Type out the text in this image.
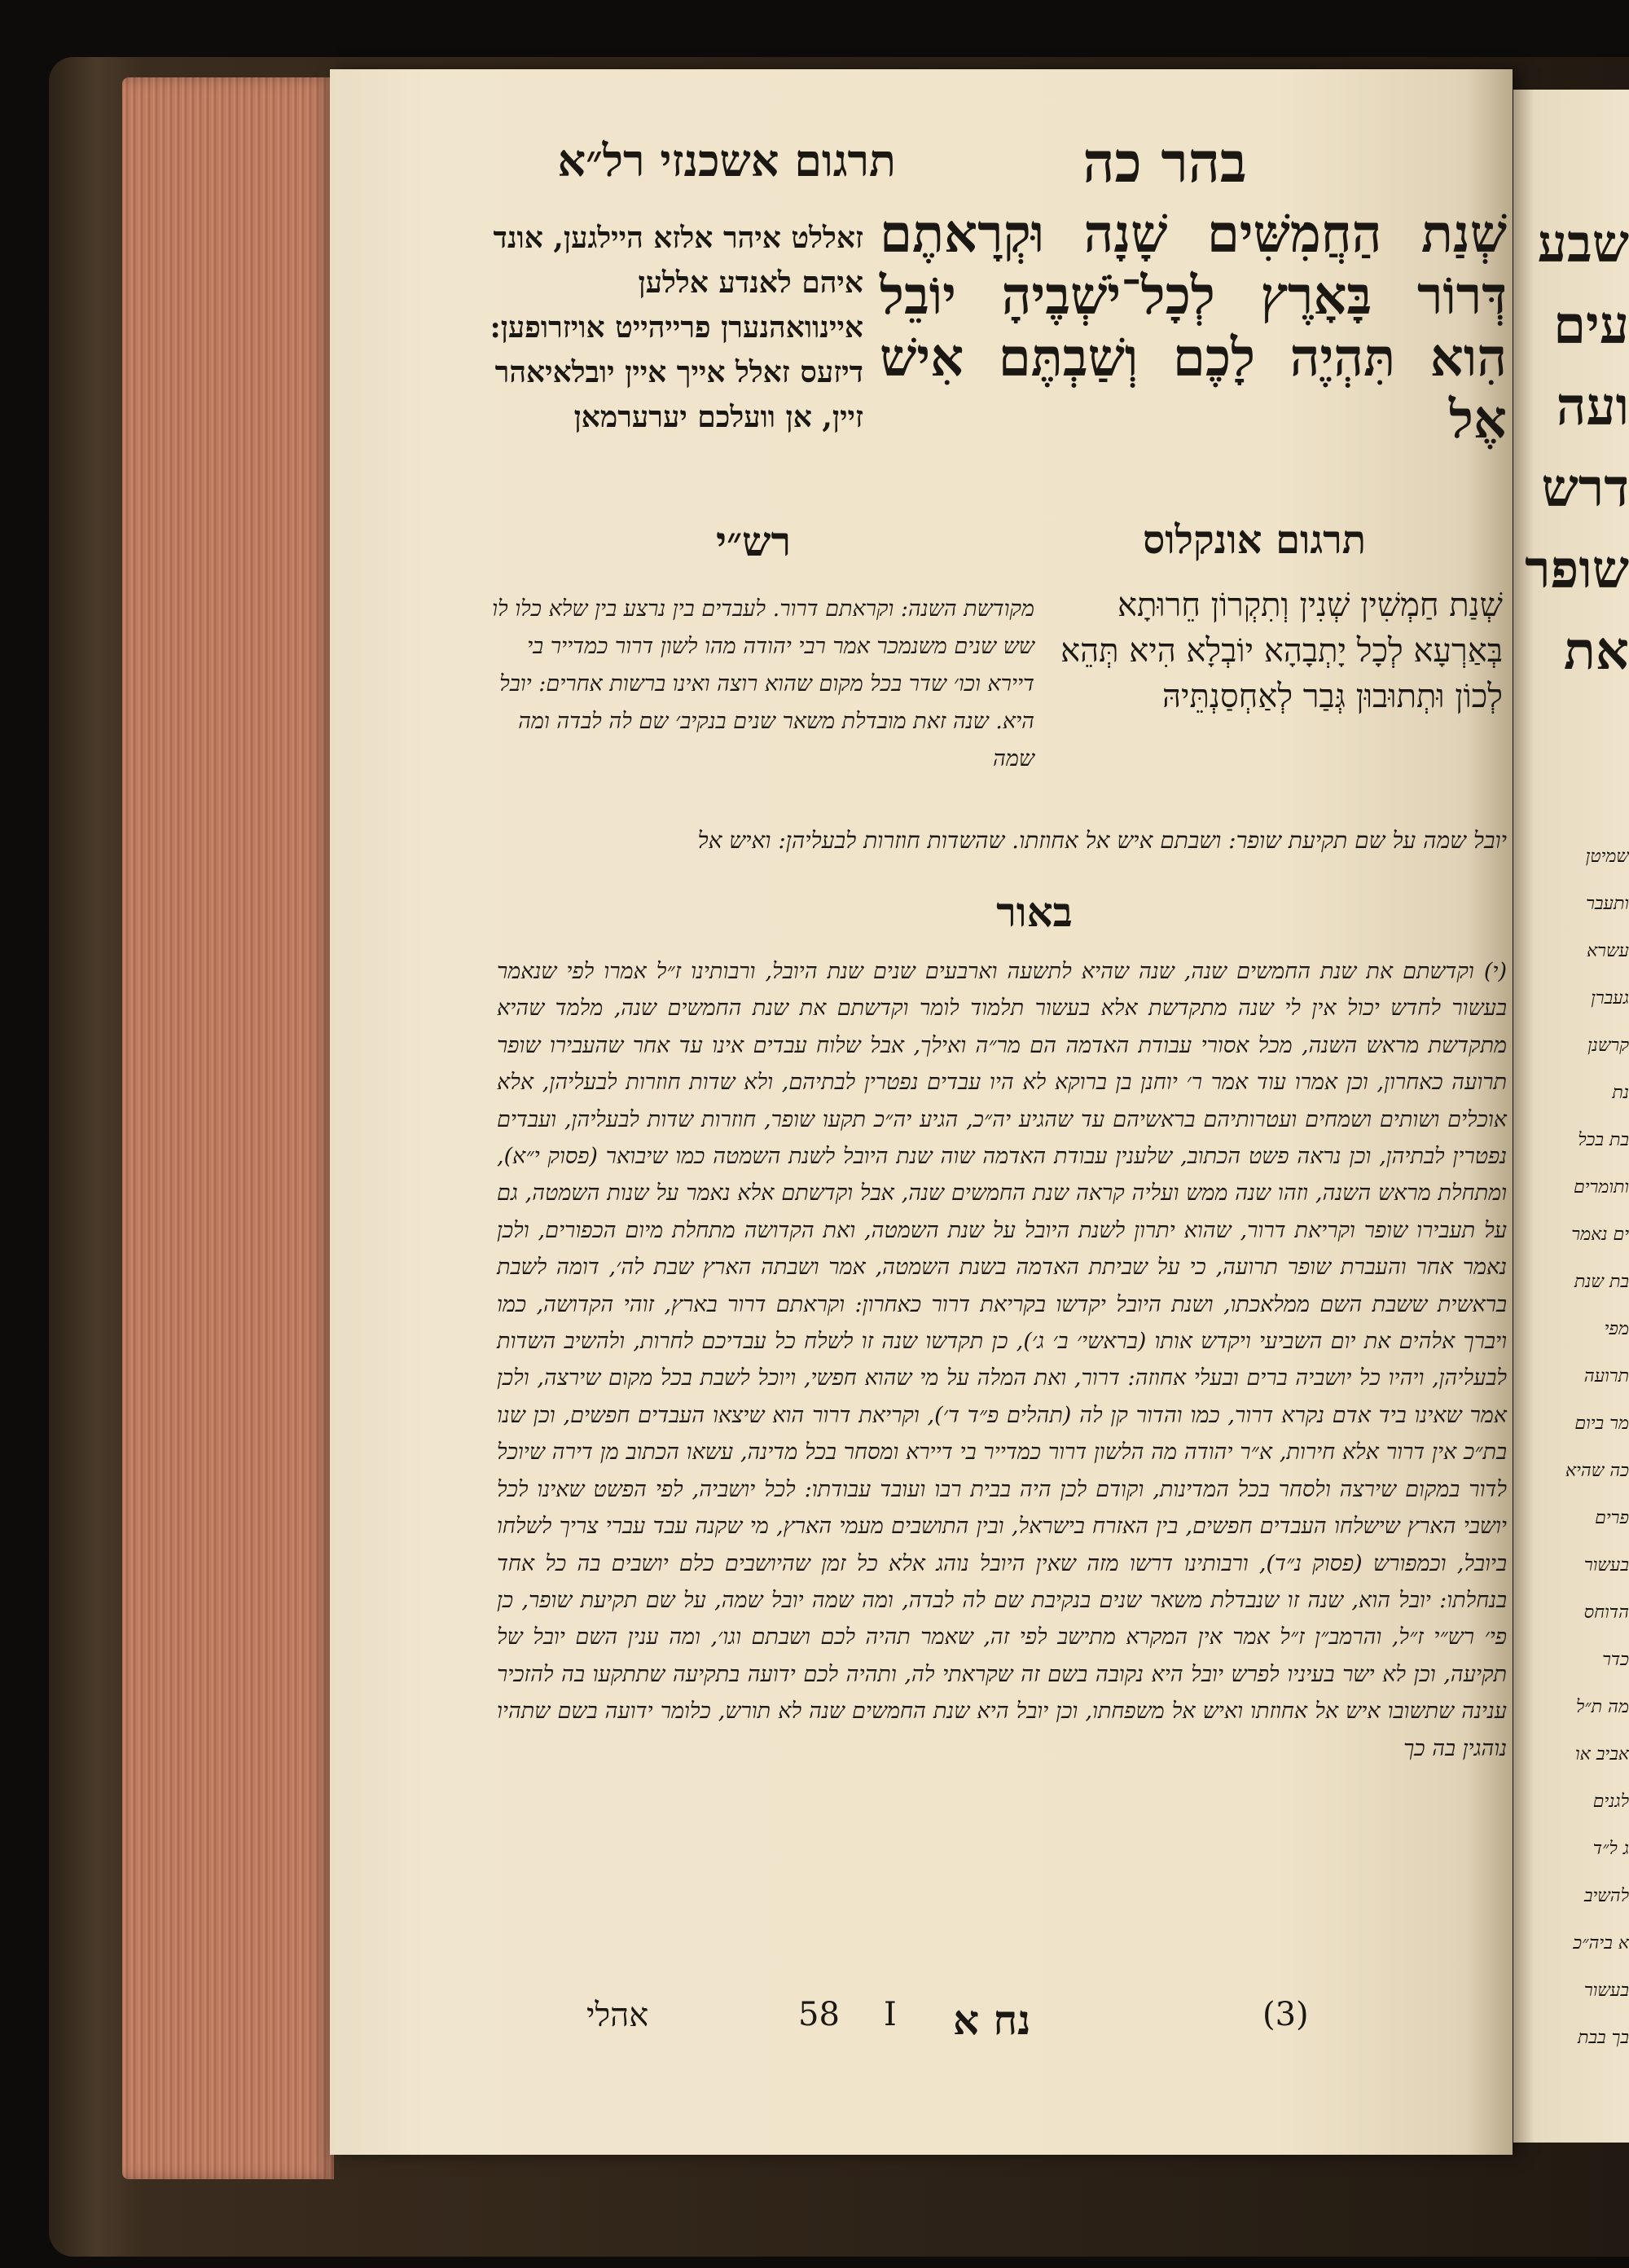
תרגום אשכנזי רל״א	בהר כה
שְׁנַת הַחֲמִשִּׁים שָׁנָה וּקְרָאתֶם דְּרוֹר בָּאָרֶץ לְכָל־יֹשְׁבֶיהָ יוֹבֵל הִוא תִּהְיֶה לָכֶם וְשַׁבְתֶּם אִישׁ אֶל
זאללט איהר אלזא היילגען, אונד איהם לאנדע אללען איינוואהנערן פרייהייט אויזרופען: דיזעס זאלל אייך איין יובלאיאהר זיין, אן וועלכם יערערמאן
תרגום אונקלוס
רש״י
שְׁנַת חַמְשִׁין שְׁנִין וְתִקְרוֹן חֵרוּתָא בְּאַרְעָא לְכָל יָתְבָהָא יוֹבְלָא הִיא תְּהֵא לְכוֹן וּתְתוּבוּן גְּבַר לְאַחְסַנְתֵּיהּ
מקודשת השנה: וקראתם דרור. לעבדים בין נרצע בין שלא כלו לו שש שנים משנמכר אמר רבי יהודה מהו לשון דרור כמדייר בי דיירא וכו׳ שדר בכל מקום שהוא רוצה ואינו ברשות אחרים: יובל היא. שנה זאת מובדלת משאר שנים בנקיב׳ שם לה לבדה ומה שמה
יובל שמה על שם תקיעת שופר: ושבתם איש אל אחוזתו. שהשדות חוזרות לבעליהן: ואיש אל
באור
(י) וקדשתם את שנת החמשים שנה, שנה שהיא לתשעה וארבעים שנים שנת היובל, ורבותינו ז״ל אמרו לפי שנאמר בעשור לחדש יכול אין לי שנה מתקדשת אלא בעשור תלמוד לומר וקדשתם את שנת החמשים שנה, מלמד שהיא מתקדשת מראש השנה, מכל אסורי עבודת האדמה הם מר״ה ואילך, אבל שלוח עבדים אינו עד אחר שהעבירו שופר תרועה כאחרון, וכן אמרו עוד אמר ר׳ יוחנן בן ברוקא לא היו עבדים נפטרין לבתיהם, ולא שדות חוזרות לבעליהן, אלא אוכלים ושותים ושמחים ועטרותיהם בראשיהם עד שהגיע יה״כ, הגיע יה״כ תקעו שופר, חוזרות שדות לבעליהן, ועבדים נפטרין לבתיהן, וכן נראה פשט הכתוב, שלענין עבודת האדמה שוה שנת היובל לשנת השמטה כמו שיבואר (פסוק י״א), ומתחלת מראש השנה, וזהו שנה ממש ועליה קראה שנת החמשים שנה, אבל וקדשתם אלא נאמר על שנות השמטה, גם על תעבירו שופר וקריאת דרור, שהוא יתרון לשנת היובל על שנת השמטה, ואת הקדושה מתחלת מיום הכפורים, ולכן נאמר אחר והעברת שופר תרועה, כי על שביתת האדמה בשנת השמטה, אמר ושבתה הארץ שבת לה׳, דומה לשבת בראשית ששבת השם ממלאכתו, ושנת היובל יקדשו בקריאת דרור כאחרון: וקראתם דרור בארץ, זוהי הקדושה, כמו ויברך אלהים את יום השביעי ויקדש אותו (בראשי׳ ב׳ ג׳), כן תקדשו שנה זו לשלח כל עבדיכם לחרות, ולהשיב השדות לבעליהן, ויהיו כל יושביה ברים ובעלי אחוזה: דרור, ואת המלה על מי שהוא חפשי, ויוכל לשבת בכל מקום שירצה, ולכן אמר שאינו ביד אדם נקרא דרור, כמו והדור קן לה (תהלים פ״ד ד׳), וקריאת דרור הוא שיצאו העבדים חפשים, וכן שנו בת״כ אין דרור אלא חירות, א״ר יהודה מה הלשון דרור כמדייר בי דיירא ומסחר בכל מדינה, עשאו הכתוב מן דירה שיוכל לדור במקום שירצה ולסחר בכל המדינות, וקודם לכן היה בבית רבו ועובד עבודתו: לכל יושביה, לפי הפשט שאינו לכל יושבי הארץ שישלחו העבדים חפשים, בין האזרח בישראל, ובין התושבים מעמי הארץ, מי שקנה עבד עברי צריך לשלחו ביובל, וכמפורש (פסוק נ״ד), ורבותינו דרשו מזה שאין היובל נוהג אלא כל זמן שהיושבים כלם יושבים בה כל אחד בנחלתו: יובל הוא, שנה זו שנבדלת משאר שנים בנקיבת שם לה לבדה, ומה שמה יובל שמה, על שם תקיעת שופר, כן פי׳ רש״י ז״ל, והרמב״ן ז״ל אמר אין המקרא מתישב לפי זה, שאמר תהיה לכם ושבתם וגו׳, ומה ענין השם יובל של תקיעה, וכן לא ישר בעיניו לפרש יובל היא נקובה בשם זה שקראתי לה, ותהיה לכם ידועה בתקיעה שתתקעו בה להזכיר ענינה שתשובו איש אל אחוזתו ואיש אל משפחתו, וכן יובל היא שנת החמשים שנה לא תורש, כלומר ידועה בשם שתהיו נוהגין בה כך
אהלי	58 I נח א	(3)
שבע
עים
ועה
דרש
שופר
את
שמיטן
ותעבר
עשרא
געברן
קרשנן
נת
בת בכל
ותומרים
ים נאמר
בת שנת
מפי
תרועה
מר ביום
כה שהיא
פרים
בעשור
הדוחס
כדר
מה ת״ל
אביב או
לגנים
ג ל״ד
להשיב
א ביה״כ
בעשור
בך בבת
